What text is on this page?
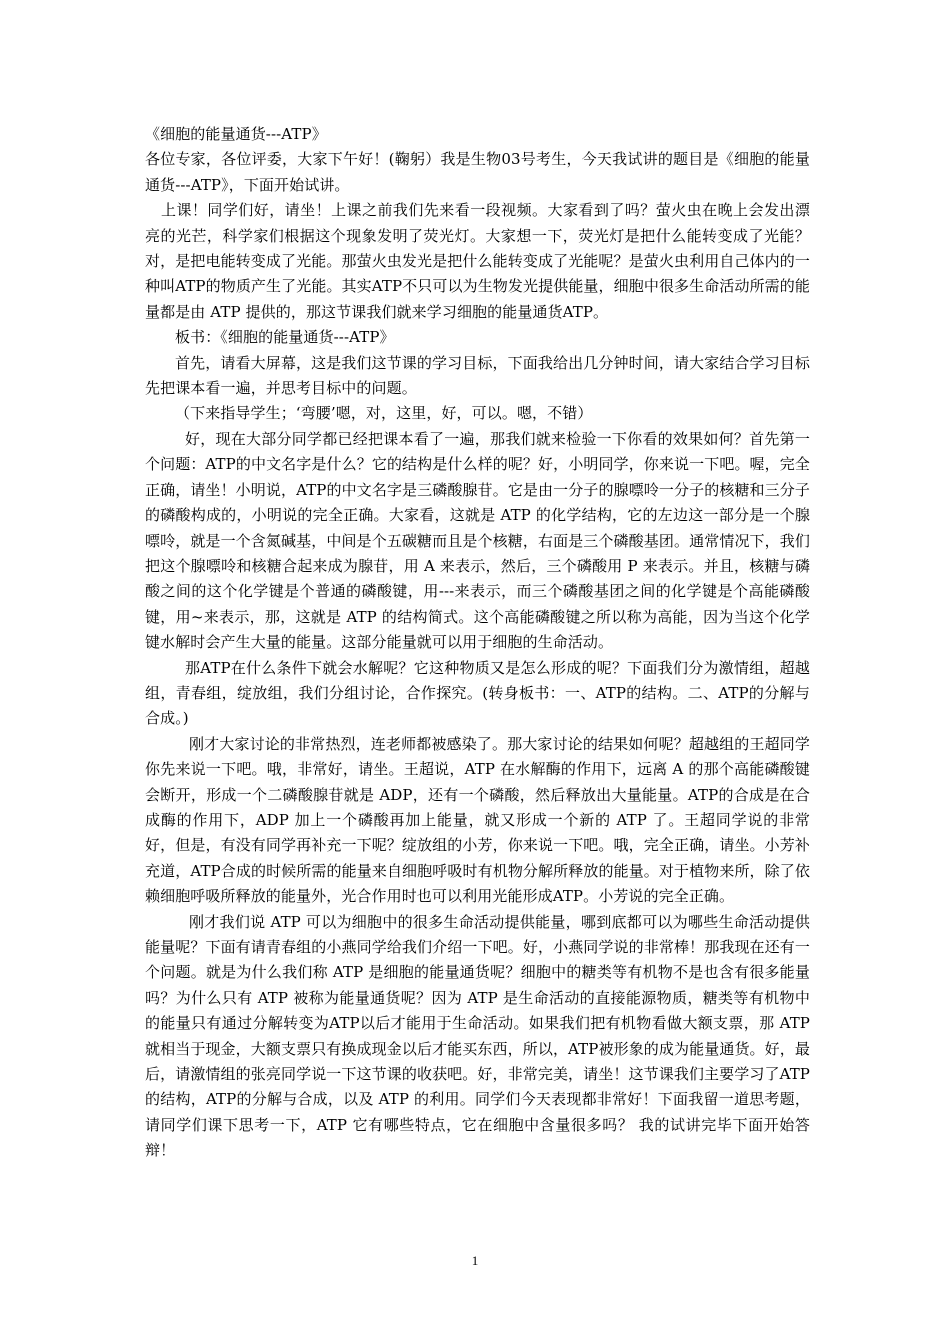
《细胞的能量通货---ATP》

各位专家，各位评委，大家下午好！(鞠躬）我是生物03号考生，今天我试讲的题目是《细胞的能量通货---ATP》，下面开始试讲。

上课！同学们好，请坐！上课之前我们先来看一段视频。大家看到了吗？萤火虫在晚上会发出漂亮的光芒，科学家们根据这个现象发明了荧光灯。大家想一下，荧光灯是把什么能转变成了光能？对，是把电能转变成了光能。那萤火虫发光是把什么能转变成了光能呢？是萤火虫利用自己体内的一种叫ATP的物质产生了光能。其实ATP不只可以为生物发光提供能量，细胞中很多生命活动所需的能量都是由 ATP 提供的，那这节课我们就来学习细胞的能量通货ATP。

板书：《细胞的能量通货---ATP》

首先，请看大屏幕，这是我们这节课的学习目标，下面我给出几分钟时间，请大家结合学习目标先把课本看一遍，并思考目标中的问题。

（下来指导学生；‘弯腰’嗯，对，这里，好，可以。嗯，不错）

好，现在大部分同学都已经把课本看了一遍，那我们就来检验一下你看的效果如何？首先第一个问题：ATP的中文名字是什么？它的结构是什么样的呢？好，小明同学，你来说一下吧。喔，完全正确，请坐！小明说，ATP的中文名字是三磷酸腺苷。它是由一分子的腺嘌呤一分子的核糖和三分子的磷酸构成的，小明说的完全正确。大家看，这就是 ATP 的化学结构，它的左边这一部分是一个腺嘌呤，就是一个含氮碱基，中间是个五碳糖而且是个核糖，右面是三个磷酸基团。通常情况下，我们把这个腺嘌呤和核糖合起来成为腺苷，用 A 来表示，然后，三个磷酸用 P 来表示。并且，核糖与磷酸之间的这个化学键是个普通的磷酸键，用---来表示，而三个磷酸基团之间的化学键是个高能磷酸键，用~来表示，那，这就是 ATP 的结构简式。这个高能磷酸键之所以称为高能，因为当这个化学键水解时会产生大量的能量。这部分能量就可以用于细胞的生命活动。

那ATP在什么条件下就会水解呢？它这种物质又是怎么形成的呢？下面我们分为激情组，超越组，青春组，绽放组，我们分组讨论，合作探究。(转身板书：一、ATP的结构。二、ATP的分解与合成。)

刚才大家讨论的非常热烈，连老师都被感染了。那大家讨论的结果如何呢？超越组的王超同学你先来说一下吧。哦，非常好，请坐。王超说，ATP 在水解酶的作用下，远离 A 的那个高能磷酸键会断开，形成一个二磷酸腺苷就是 ADP，还有一个磷酸，然后释放出大量能量。ATP的合成是在合成酶的作用下，ADP 加上一个磷酸再加上能量，就又形成一个新的 ATP 了。王超同学说的非常好，但是，有没有同学再补充一下呢？绽放组的小芳，你来说一下吧。哦，完全正确，请坐。小芳补充道，ATP合成的时候所需的能量来自细胞呼吸时有机物分解所释放的能量。对于植物来所，除了依赖细胞呼吸所释放的能量外，光合作用时也可以利用光能形成ATP。小芳说的完全正确。

刚才我们说 ATP 可以为细胞中的很多生命活动提供能量，哪到底都可以为哪些生命活动提供能量呢？下面有请青春组的小燕同学给我们介绍一下吧。好，小燕同学说的非常棒！那我现在还有一个问题。就是为什么我们称 ATP 是细胞的能量通货呢？细胞中的糖类等有机物不是也含有很多能量吗？为什么只有 ATP 被称为能量通货呢？因为 ATP 是生命活动的直接能源物质，糖类等有机物中的能量只有通过分解转变为ATP以后才能用于生命活动。如果我们把有机物看做大额支票，那 ATP 就相当于现金，大额支票只有换成现金以后才能买东西，所以，ATP被形象的成为能量通货。好，最后，请激情组的张亮同学说一下这节课的收获吧。好，非常完美，请坐！这节课我们主要学习了ATP的结构，ATP的分解与合成，以及 ATP 的利用。同学们今天表现都非常好！下面我留一道思考题，请同学们课下思考一下，ATP 它有哪些特点，它在细胞中含量很多吗？ 我的试讲完毕下面开始答辩！

1
